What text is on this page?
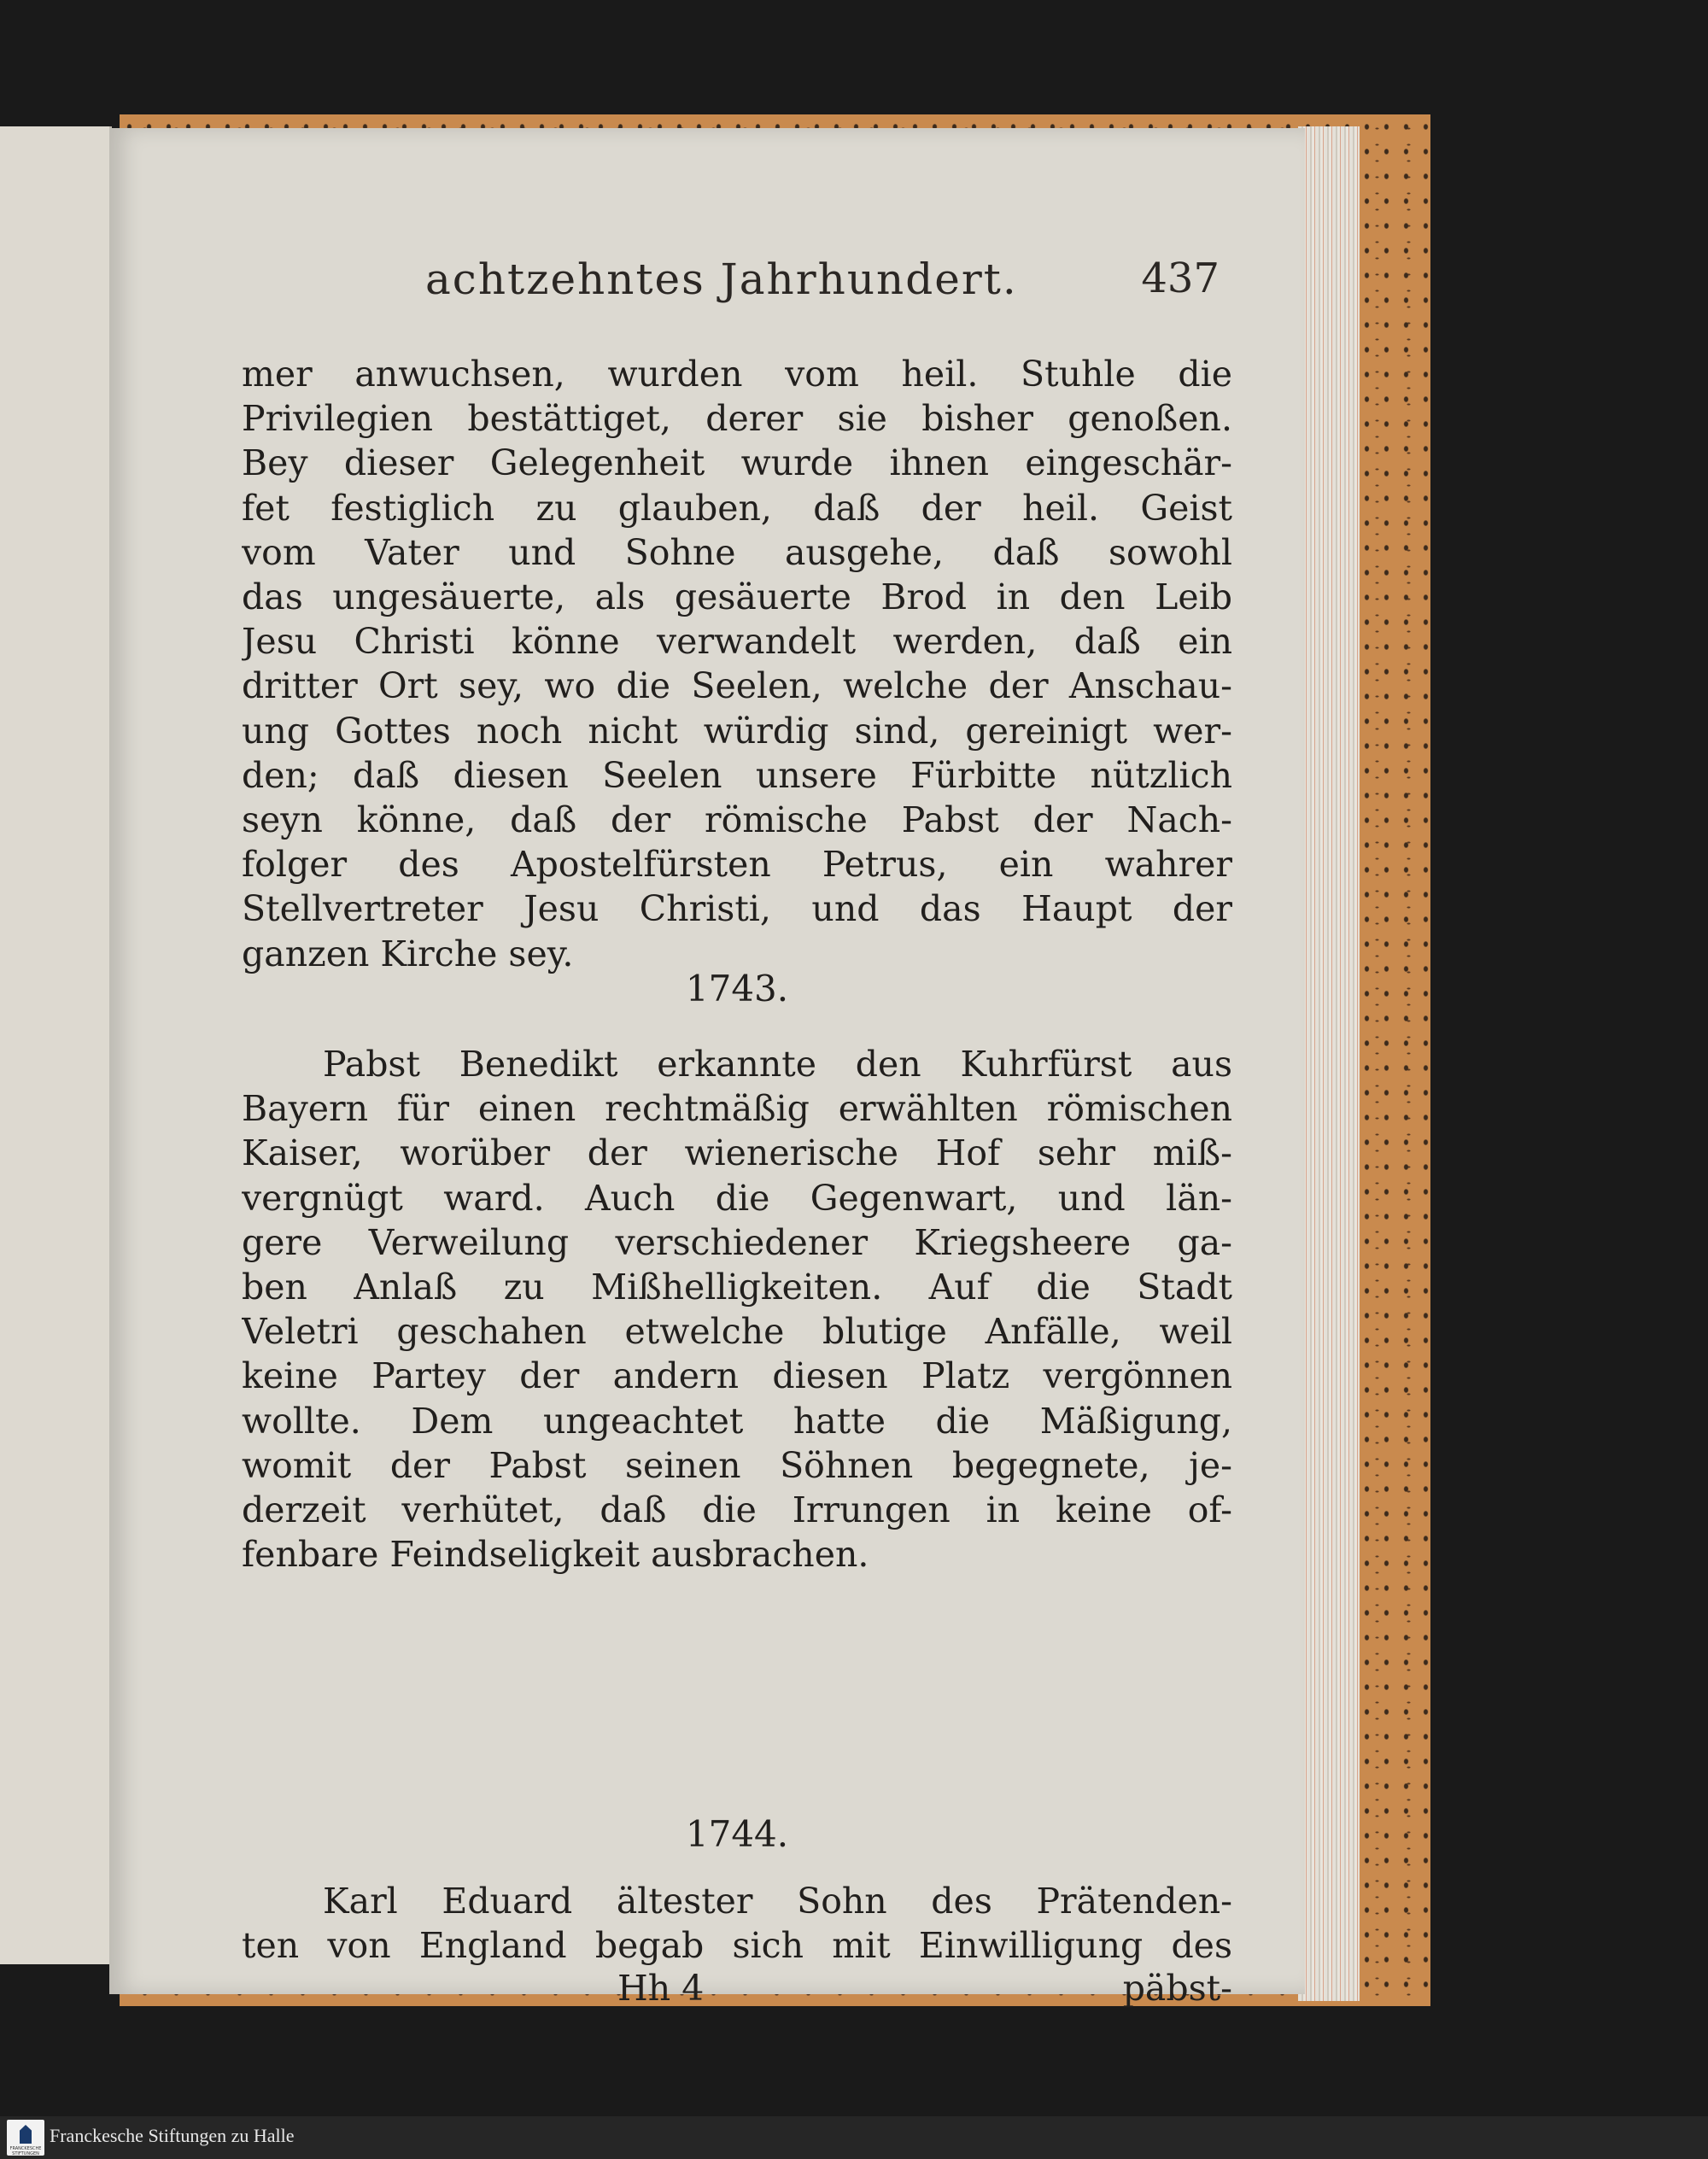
achtzehntes Jahrhundert.	437
mer anwuchsen, wurden vom heil. Stuhle die
Privilegien bestättiget, derer sie bisher genoßen.
Bey dieser Gelegenheit wurde ihnen eingeschär-
fet festiglich zu glauben, daß der heil. Geist
vom Vater und Sohne ausgehe, daß sowohl
das ungesäuerte, als gesäuerte Brod in den Leib
Jesu Christi könne verwandelt werden, daß ein
dritter Ort sey, wo die Seelen, welche der Anschau-
ung Gottes noch nicht würdig sind, gereinigt wer-
den; daß diesen Seelen unsere Fürbitte nützlich
seyn könne, daß der römische Pabst der Nach-
folger des Apostelfürsten Petrus, ein wahrer
Stellvertreter Jesu Christi, und das Haupt der
ganzen Kirche sey.
1743.
Pabst Benedikt erkannte den Kuhrfürst aus
Bayern für einen rechtmäßig erwählten römischen
Kaiser, worüber der wienerische Hof sehr miß-
vergnügt ward. Auch die Gegenwart, und län-
gere Verweilung verschiedener Kriegsheere ga-
ben Anlaß zu Mißhelligkeiten. Auf die Stadt
Veletri geschahen etwelche blutige Anfälle, weil
keine Partey der andern diesen Platz vergönnen
wollte. Dem ungeachtet hatte die Mäßigung,
womit der Pabst seinen Söhnen begegnete, je-
derzeit verhütet, daß die Irrungen in keine of-
fenbare Feindseligkeit ausbrachen.
1744.
Karl Eduard ältester Sohn des Prätenden-
ten von England begab sich mit Einwilligung des
Hh 4	päbst-
FRANCKESCHE STIFTUNGEN
Franckesche Stiftungen zu Halle
